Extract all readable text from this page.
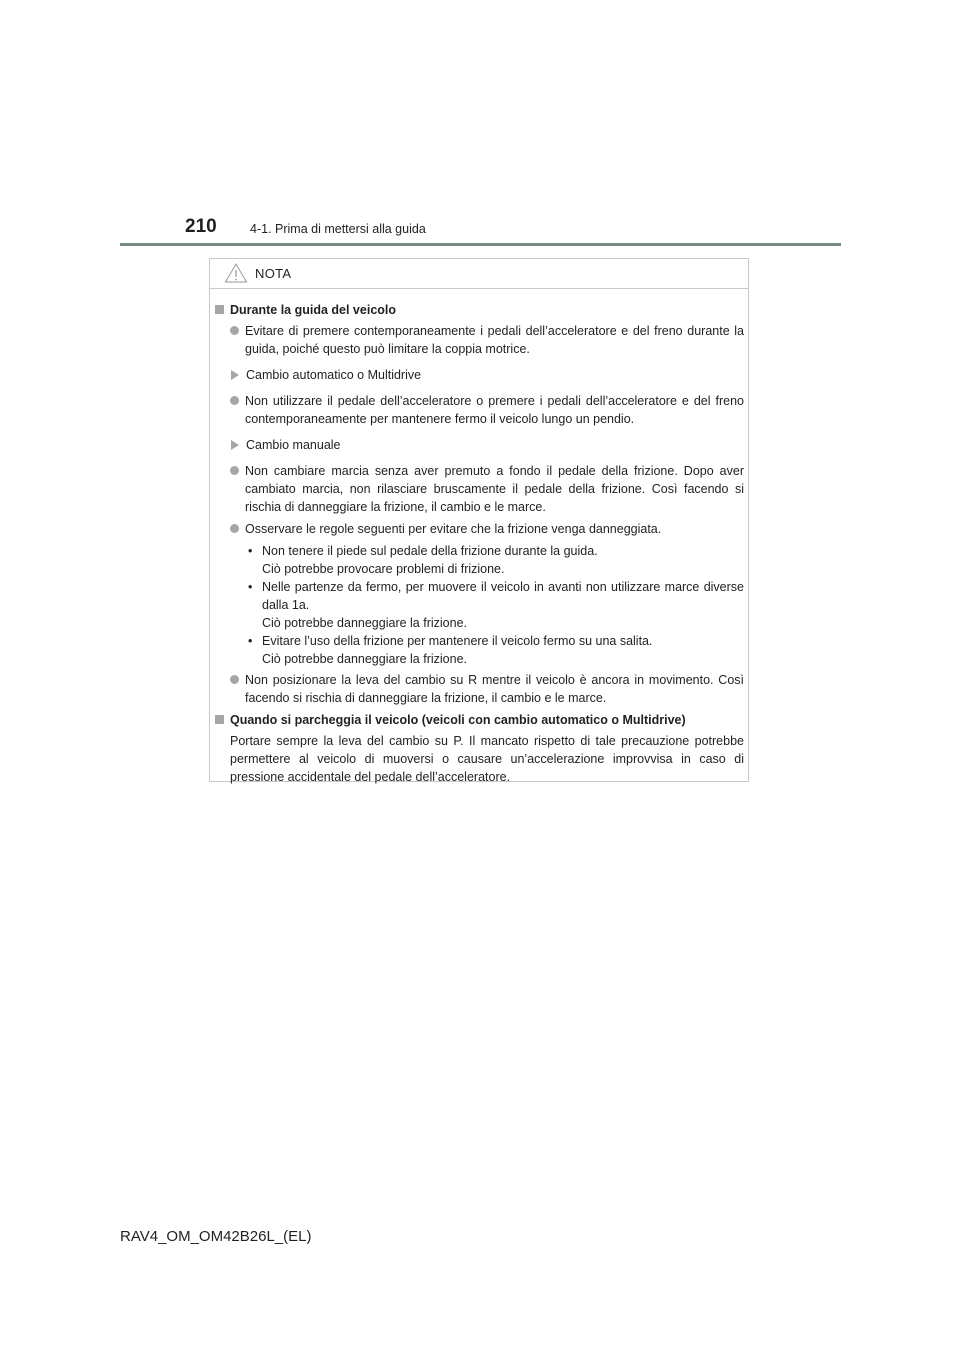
210	4-1. Prima di mettersi alla guida
NOTA
Durante la guida del veicolo
Evitare di premere contemporaneamente i pedali dell’acceleratore e del freno durante la guida, poiché questo può limitare la coppia motrice.
Cambio automatico o Multidrive
Non utilizzare il pedale dell’acceleratore o premere i pedali dell’acceleratore e del freno contemporaneamente per mantenere fermo il veicolo lungo un pendio.
Cambio manuale
Non cambiare marcia senza aver premuto a fondo il pedale della frizione. Dopo aver cambiato marcia, non rilasciare bruscamente il pedale della frizione. Così facendo si rischia di danneggiare la frizione, il cambio e le marce.
Osservare le regole seguenti per evitare che la frizione venga danneggiata.
• Non tenere il piede sul pedale della frizione durante la guida.
Ciò potrebbe provocare problemi di frizione.
• Nelle partenze da fermo, per muovere il veicolo in avanti non utilizzare marce diverse dalla 1a.
Ciò potrebbe danneggiare la frizione.
• Evitare l’uso della frizione per mantenere il veicolo fermo su una salita.
Ciò potrebbe danneggiare la frizione.
Non posizionare la leva del cambio su R mentre il veicolo è ancora in movimento. Così facendo si rischia di danneggiare la frizione, il cambio e le marce.
Quando si parcheggia il veicolo (veicoli con cambio automatico o Multidrive)
Portare sempre la leva del cambio su P. Il mancato rispetto di tale precauzione potrebbe permettere al veicolo di muoversi o causare un’accelerazione improvvisa in caso di pressione accidentale del pedale dell’acceleratore.
RAV4_OM_OM42B26L_(EL)
